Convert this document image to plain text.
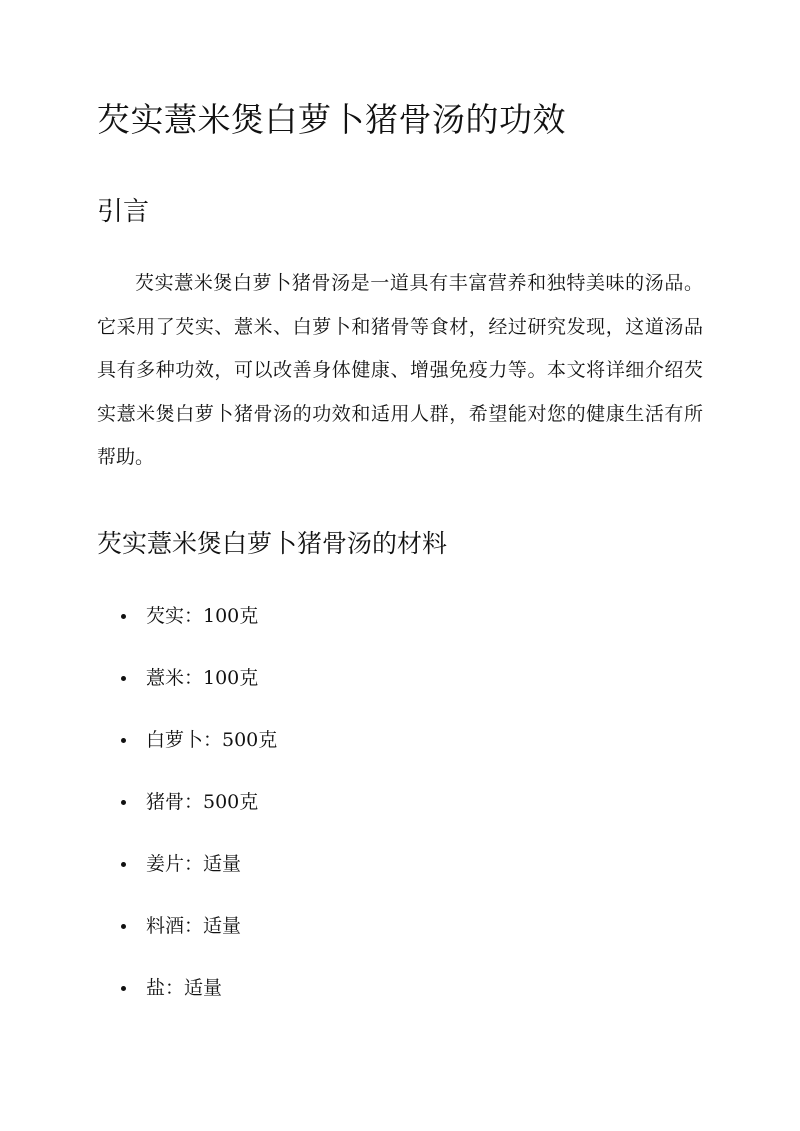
芡实薏米煲白萝卜猪骨汤的功效
引言

芡实薏米煲白萝卜猪骨汤是一道具有丰富营养和独特美味的汤品。它采用了芡实、薏米、白萝卜和猪骨等食材，经过研究发现，这道汤品具有多种功效，可以改善身体健康、增强免疫力等。本文将详细介绍芡实薏米煲白萝卜猪骨汤的功效和适用人群，希望能对您的健康生活有所帮助。

芡实薏米煲白萝卜猪骨汤的材料
芡实：100克
薏米：100克
白萝卜：500克
猪骨：500克
姜片：适量
料酒：适量
盐：适量
